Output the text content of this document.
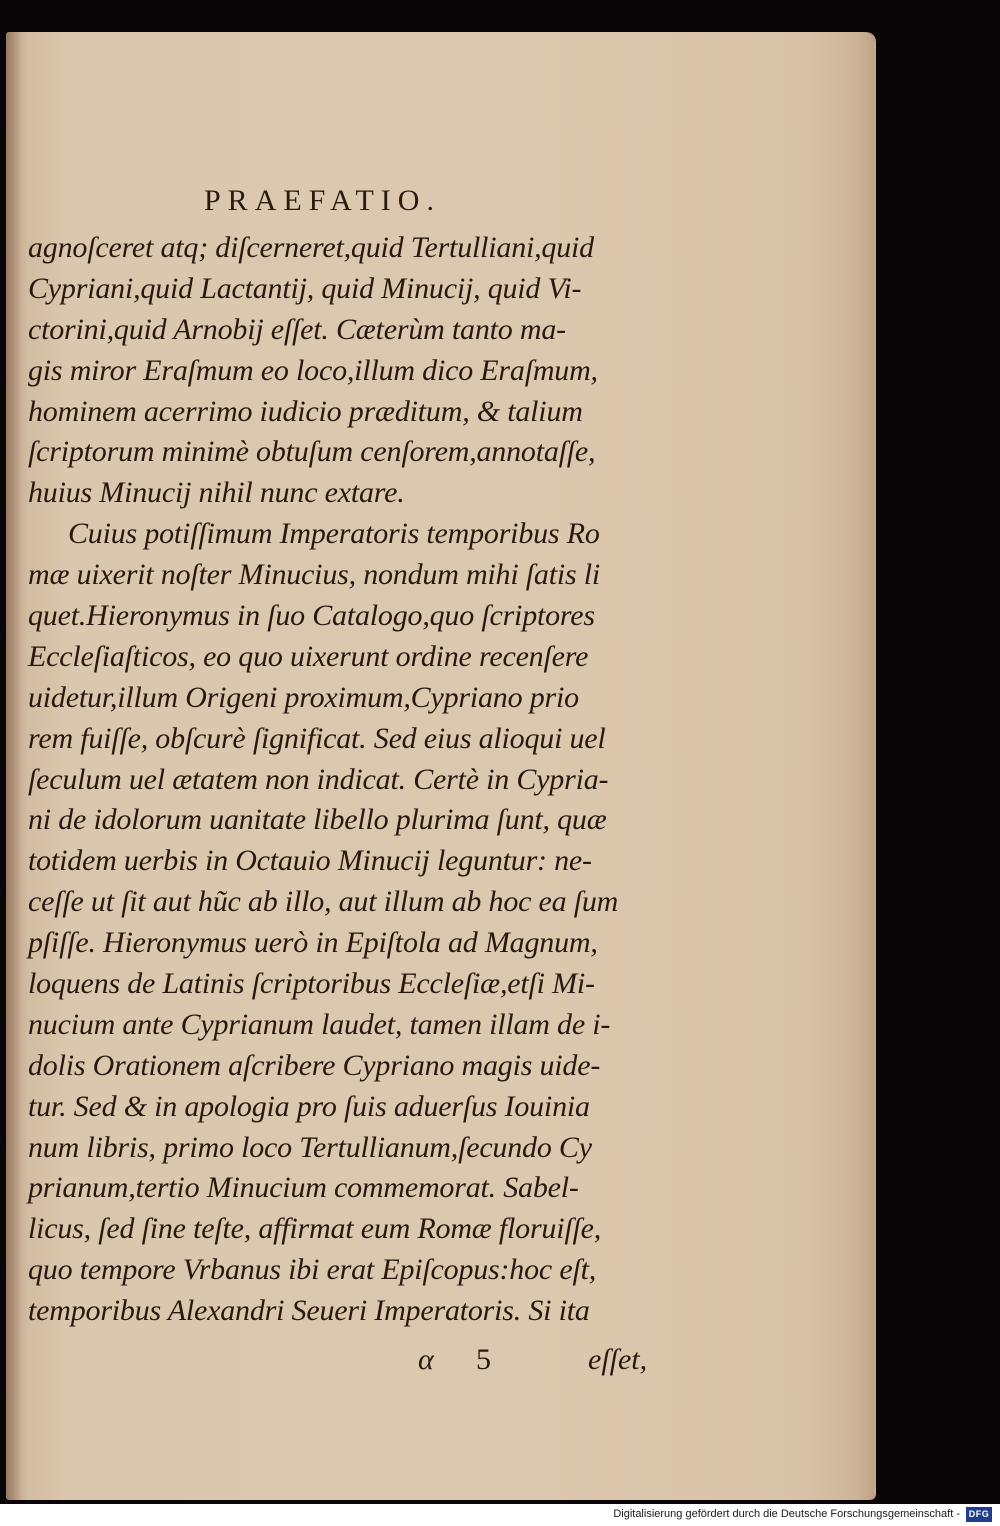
PRAEFATIO.
agnoſceret atq; diſcerneret,quid Tertulliani,quid
Cypriani,quid Lactantij, quid Minucij, quid Vi-
ctorini,quid Arnobij eſſet. Cæterùm tanto ma-
gis miror Eraſmum eo loco,illum dico Eraſmum,
hominem acerrimo iudicio præditum, & talium
ſcriptorum minimè obtuſum cenſorem,annotaſſe,
huius Minucij nihil nunc extare.
Cuius potiſſimum Imperatoris temporibus Ro
mæ uixerit noſter Minucius, nondum mihi ſatis li
quet.Hieronymus in ſuo Catalogo,quo ſcriptores
Eccleſiaſticos, eo quo uixerunt ordine recenſere
uidetur,illum Origeni proximum,Cypriano prio
rem fuiſſe, obſcurè ſignificat. Sed eius alioqui uel
ſeculum uel ætatem non indicat. Certè in Cypria-
ni de idolorum uanitate libello plurima ſunt, quæ
totidem uerbis in Octauio Minucij leguntur: ne-
ceſſe ut ſit aut hũc ab illo, aut illum ab hoc ea ſum
pſiſſe. Hieronymus uerò in Epiſtola ad Magnum,
loquens de Latinis ſcriptoribus Eccleſiæ,etſi Mi-
nucium ante Cyprianum laudet, tamen illam de i-
dolis Orationem aſcribere Cypriano magis uide-
tur. Sed & in apologia pro ſuis aduerſus Iouinia
num libris, primo loco Tertullianum,ſecundo Cy
prianum,tertio Minucium commemorat. Sabel-
licus, ſed ſine teſte, affirmat eum Romæ floruiſſe,
quo tempore Vrbanus ibi erat Epiſcopus:hoc eſt,
temporibus Alexandri Seueri Imperatoris. Si ita
α 5	eſſet,
Digitalisierung gefördert durch die Deutsche Forschungsgemeinschaft - DFG
